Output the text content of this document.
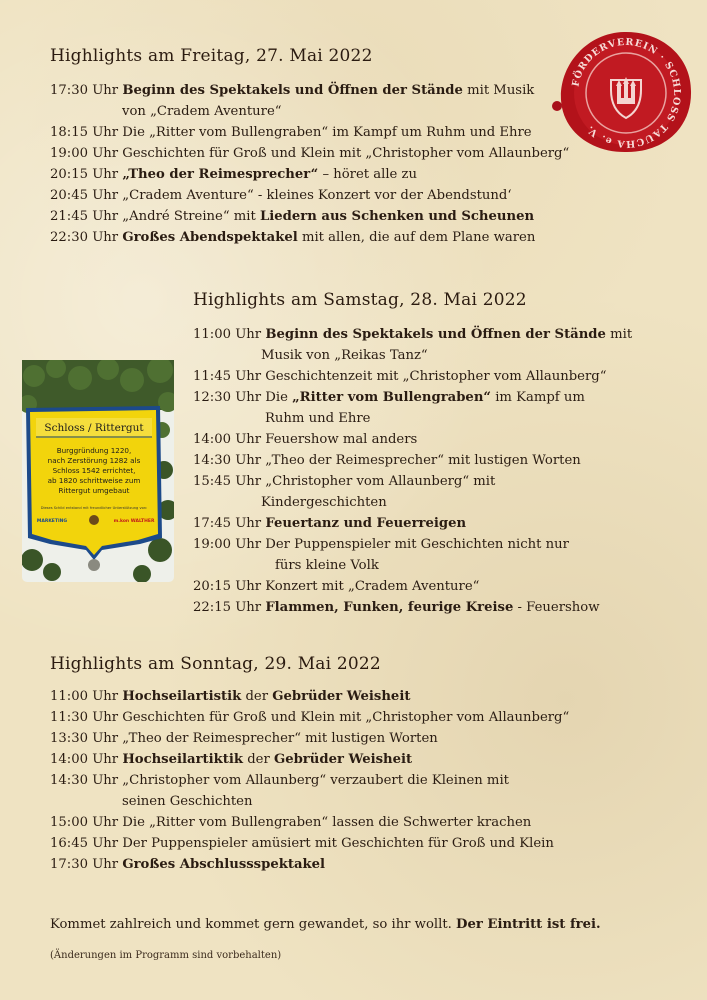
FÖRDERVEREIN · SCHLOSS TAUCHA e. V.
Schloss / Rittergut
Burggründung 1220,
nach Zerstörung 1282 als
Schloss 1542 errichtet,
ab 1820 schrittweise zum
Rittergut umgebaut
Dieses Schild entstand mit freundlicher Unterstützung von:
MARKETING	m.kon WALTHER
Highlights am Freitag, 27. Mai 2022
17:30 Uhr Beginn des Spektakels und Öffnen der Stände mit Musik
von „Cradem Aventure“
18:15 Uhr Die „Ritter vom Bullengraben“ im Kampf um Ruhm und Ehre
19:00 Uhr Geschichten für Groß und Klein mit „Christopher vom Allaunberg“
20:15 Uhr „Theo der Reimesprecher“ – höret alle zu
20:45 Uhr „Cradem Aventure“ - kleines Konzert vor der Abendstund‘
21:45 Uhr „André Streine“ mit Liedern aus Schenken und Scheunen
22:30 Uhr Großes Abendspektakel mit allen, die auf dem Plane waren
Highlights am Samstag, 28. Mai 2022
11:00 Uhr Beginn des Spektakels und Öffnen der Stände mit
Musik von „Reikas Tanz“
11:45 Uhr Geschichtenzeit mit „Christopher vom Allaunberg“
12:30 Uhr Die „Ritter vom Bullengraben“ im Kampf um
Ruhm und Ehre
14:00 Uhr Feuershow mal anders
14:30 Uhr „Theo der Reimesprecher“ mit lustigen Worten
15:45 Uhr „Christopher vom Allaunberg“ mit
Kindergeschichten
17:45 Uhr Feuertanz und Feuerreigen
19:00 Uhr Der Puppenspieler mit Geschichten nicht nur
fürs kleine Volk
20:15 Uhr Konzert mit „Cradem Aventure“
22:15 Uhr Flammen, Funken, feurige Kreise - Feuershow
Highlights am Sonntag, 29. Mai 2022
11:00 Uhr Hochseilartistik der Gebrüder Weisheit
11:30 Uhr Geschichten für Groß und Klein mit „Christopher vom Allaunberg“
13:30 Uhr „Theo der Reimesprecher“ mit lustigen Worten
14:00 Uhr Hochseilartiktik der Gebrüder Weisheit
14:30 Uhr „Christopher vom Allaunberg“ verzaubert die Kleinen mit
seinen Geschichten
15:00 Uhr Die „Ritter vom Bullengraben“ lassen die Schwerter krachen
16:45 Uhr Der Puppenspieler amüsiert mit Geschichten für Groß und Klein
17:30 Uhr Großes Abschlussspektakel
Kommet zahlreich und kommet gern gewandet, so ihr wollt. Der Eintritt ist frei.
(Änderungen im Programm sind vorbehalten)
